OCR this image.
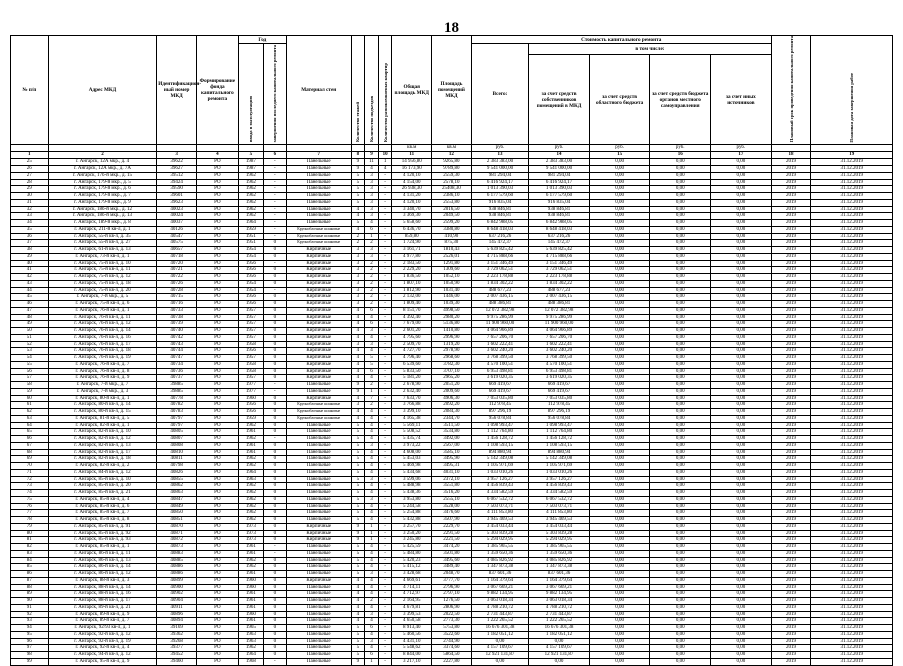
18
№ п/п	Адрес МКД	Идентификацион-ный номер МКД	Формирование фонда капитального ремонта	Год		Материал стен	Количество этажей	Количество подъездов	Количество разнокомнатных квартир	Общая площадь МКД	Площадь помещений МКД	Стоимость капитального ремонта					Плановый срок проведения капитального ремонта	Плановая дата завершения работ
				ввода в эксплуатацию	завершения последнего капитального ремонта							Всего:	в том числе:					
													за счет средств собственников помещений в МКД	за счет средств областного бюджета	за счет средств бюджета органов местного самоуправления	за счет иных источников		
										кв.м	кв.м	руб.	руб.	руб.	руб.	руб.		
1	2	3	4	5	6	7	8	9	10	11	12	13	14	15	16	17	18	19
25	г. Ангарск, 12А мкр., д. 4	39622	РО	1987	-	Панельные	9	11	1	14 956,80	9265,80	2 383 383,00	2 383 383,00	0,00	0,00	0,00	2019	31.12.2019
26	г. Ангарск, 12А мкр., д. 7А	39627	РО	1987	-	Панельные	9	4	4	16 173,90	9789,80	9 541 000,00	9 541 000,00	0,00	0,00	0,00	2019	31.12.2019
27	г. Ангарск, 17б-й мкр., д. 15	39512	РО	1962	-	Панельные	5	3	-	4 120,10	2559,30	981 294,04	981 294,04	0,00	0,00	0,00	2019	31.12.2019
28	г. Ангарск, 179-й мкр., д. 5	39424	РО	1962	-	Панельные	5	3	-	4 154,00	2578,10	6 416 924,17	6 416 924,17	0,00	0,00	0,00	2019	31.12.2019
29	г. Ангарск, 179-й мкр., д. 6	39590	РО	1962	-	Панельные	5	3	-	26 938,30	25408,30	1 013 390,03	1 013 390,03	0,00	0,00	0,00	2019	31.12.2019
30	г. Ангарск, 179-й мкр., д. 7	39601	РО	1962	-	Панельные	5	3	-	4 131,20	2386,10	6 177 579,60	6 177 579,60	0,00	0,00	0,00	2019	31.12.2019
31	г. Ангарск, 179-й мкр., д. 9	39623	РО	1962	-	Панельные	5	3	-	4 120,10	2553,80	916 835,04	916 835,04	0,00	0,00	0,00	2019	31.12.2019
32	г. Ангарск, 18б-й мкр., д. 12	40023	РО	1962	-	Панельные	4	3	-	3 340,70	2016,50	938 846,81	938 846,81	0,00	0,00	0,00	2019	31.12.2019
33	г. Ангарск, 18б-й мкр., д. 13	40024	РО	1962	-	Панельные	4	3	-	3 369,30	2049,50	938 846,81	938 846,81	0,00	0,00	0,00	2019	31.12.2019
34	г. Ангарск, 189-й мкр., д. 8	40037	РО	1964	-	Панельные	5	4	-	5 658,60	2599,20	6 842 988,05	6 842 988,05	0,00	0,00	0,00	2019	31.12.2019
35	г. Ангарск, 211-й кв-л, д. 1	40126	РО	1959	-	Крупноблочные шлаковые	4	6	-	6 436,70	3380,80	8 648 418,03	8 648 418,03	0,00	0,00	0,00	2019	31.12.2019
36	г. Ангарск, 55-й кв-л, д. 35	40547	РО	1951	-	Крупноблочные шлаковые	2	1	-	859,80	410,90	637 216,26	637 216,26	0,00	0,00	0,00	2019	31.12.2019
37	г. Ангарск, 55-й кв-л, д. 27	40575	РО	1951	0	Крупноблочные шлаковые	2	2	-	1 724,90	875,30	145 472,37	145 472,37	0,00	0,00	0,00	2019	31.12.2019
38	г. Ангарск, 61-й кв-л, д. 13	40657	РО	1954	0	Кирпичные	3	3	-	3 161,71	1810,43	5 639 825,42	5 639 825,42	0,00	0,00	0,00	2019	31.12.2019
39	г. Ангарск, 73-й кв-л, д. 1	40718	РО	1954	0	Кирпичные	3	3	-	4 977,80	2526,01	4 715 888,66	4 715 888,66	0,00	0,00	0,00	2019	31.12.2019
40	г. Ангарск, 75-й кв-л, д. 10	40720	РО	1956	-	Кирпичные	3	2	-	2 183,50	1291,80	3 151 346,49	3 151 346,49	0,00	0,00	0,00	2019	31.12.2019
41	г. Ангарск, 75-й кв-л, д. 11	40721	РО	1956	0	Кирпичные	3	2	-	2 229,20	1309,60	3 729 062,51	3 729 062,51	0,00	0,00	0,00	2019	31.12.2019
42	г. Ангарск, 75-й кв-л, д. 12	40722	РО	1956	0	Кирпичные	3	2	-	1 836,50	1052,10	2 223 178,88	2 223 178,88	0,00	0,00	0,00	2019	31.12.2019
43	г. Ангарск, 75-й кв-л, д. 18	40726	РО	1954	0	Кирпичные	3	2	-	1 807,10	1050,90	1 834 302,22	1 834 302,22	0,00	0,00	0,00	2019	31.12.2019
44	г. Ангарск, 75-й кв-л, д. 20	40728	РО	1954	-	Кирпичные	3	2	-	1 812,90	1031,40	488 677,23	488 677,23	0,00	0,00	0,00	2019	31.12.2019
45	г. Ангарск, 7-й мкр., д. 5	40715	РО	1956	0	Кирпичные	3	2	-	2 132,00	1446,00	2 007 436,15	2 007 436,15	0,00	0,00	0,00	2019	31.12.2019
46	г. Ангарск, 75-й кв-л, д. 6	40716	РО	1956	0	Кирпичные	3	2	-	1 809,40	1039,30	488 386,81	488 386,81	0,00	0,00	0,00	2019	31.12.2019
47	г. Ангарск, 76-й кв-л, д. 1	40733	РО	1957	0	Кирпичные	4	6	-	8 151,70	4998,50	12 072 382,98	12 072 382,98	0,00	0,00	0,00	2019	31.12.2019
48	г. Ангарск, 76-й кв-л, д. 11	40738	РО	1957	0	Кирпичные	4	4	-	4 392,40	2980,20	9 975 286,99	9 975 286,99	0,00	0,00	0,00	2019	31.12.2019
49	г. Ангарск, 76-й кв-л, д. 12	40739	РО	1957	0	Кирпичные	4	6	-	7 679,00	5136,80	11 900 960,00	11 900 960,00	0,00	0,00	0,00	2019	31.12.2019
50	г. Ангарск, 76-й кв-л, д. 14	40740	РО	1957	0	Кирпичные	4	3	-	2 601,20	1410,80	4 064 966,89	4 064 966,89	0,00	0,00	0,00	2019	31.12.2019
51	г. Ангарск, 76-й кв-л, д. 16	40742	РО	1957	0	Кирпичные	4	4	-	4 795,60	2996,90	7 657 206,70	7 657 206,70	0,00	0,00	0,00	2019	31.12.2019
52	г. Ангарск, 76-й кв-л, д. 17	40743	РО	1958	0	Кирпичные	3	3	-	2 509,70	1319,20	1 602 222,41	1 602 222,41	0,00	0,00	0,00	2019	31.12.2019
53	г. Ангарск, 76-й кв-л, д. 18	40744	РО	1956	0	Кирпичные	4	4	-	4 727,70	2978,90	3 602 240,20	3 602 240,20	0,00	0,00	0,00	2019	31.12.2019
54	г. Ангарск, 76-й кв-л, д. 19	40747	РО	1957	0	Кирпичные	4	5	-	4 796,40	2968,60	3 768 399,50	3 768 399,50	0,00	0,00	0,00	2019	31.12.2019
55	г. Ангарск, 76-й кв-л, д. 7	40734	РО	1958	0	Кирпичные	4	5	-	6 539,60	3782,30	4 570 100,51	4 570 100,51	0,00	0,00	0,00	2019	31.12.2019
56	г. Ангарск, 76-й кв-л, д. 8	40736	РО	1958	0	Кирпичные	4	6	-	5 833,50	3707,10	6 953 498,81	6 953 498,81	0,00	0,00	0,00	2019	31.12.2019
57	г. Ангарск, 76-й кв-л, д. 9	40737	РО	1957	0	Кирпичные	4	4	-	5 181,20	2965,20	3 619 020,35	3 619 020,35	0,00	0,00	0,00	2019	31.12.2019
58	г. Ангарск, 7-й мкр., д. 7	39885	РО	1977	-	Панельные	9	2	-	2 678,90	2051,20	669 419,67	669 419,67	0,00	0,00	0,00	2019	31.12.2019
59	г. Ангарск, 7-й мкр., д. 3	39885	РО	1977	-	Панельные	9	1	-	2 632,40	2009,60	669 419,67	669 419,67	0,00	0,00	0,00	2019	31.12.2019
60	г. Ангарск, 80-й кв-л, д. 1	40778	РО	1960	0	Кирпичные	4	7	-	7 633,70	4906,30	7 053 035,80	7 053 035,80	0,00	0,00	0,00	2019	31.12.2019
61	г. Ангарск, 80-й кв-л, д. 14	40782	РО	1956	0	Крупноблочные шлаковые	3	2	-	3 766,88	2092,20	112 978,45	112 978,45	0,00	0,00	0,00	2019	31.12.2019
62	г. Ангарск, 80-й кв-л, д. 15	40783	РО	1956	0	Крупноблочные шлаковые	4	4	-	3 399,10	2084,30	897 296,19	897 296,19	0,00	0,00	0,00	2019	31.12.2019
63	г. Ангарск, 81-й кв-л, д. 5	40797	РО	1959	0	Крупноблочные шлаковые	4	4	-	4 165,38	2344,70	956 078,84	956 078,84	0,00	0,00	0,00	2019	31.12.2019
64	г. Ангарск, 82-й кв-л, д. 1	40797	РО	1962	0	Панельные	5	4	-	5 569,11	3511,50	1 098 993,47	1 098 993,47	0,00	0,00	0,00	2019	31.12.2019
65	г. Ангарск, 82-й кв-л, д. 10	40805	РО	1961	0	Панельные	5	4	-	5 508,52	3534,80	1 112 764,80	1 112 764,80	0,00	0,00	0,00	2019	31.12.2019
66	г. Ангарск, 82-й кв-л, д. 12	40807	РО	1962	-	Панельные	5	4	-	5 435,74	3492,00	1 456 128,72	1 456 128,72	0,00	0,00	0,00	2019	31.12.2019
67	г. Ангарск, 82-й кв-л, д. 13	40808	РО	1961	0	Панельные	5	3	-	3 973,22	2567,00	1 108 593,15	1 108 593,15	0,00	0,00	0,00	2019	31.12.2019
68	г. Ангарск, 82-й кв-л, д. 17	40810	РО	1961	0	Панельные	5	4	-	4 608,00	3585,10	894 880,94	894 880,94	0,00	0,00	0,00	2019	31.12.2019
69	г. Ангарск, 82-й кв-л, д. 18	40811	РО	1962	0	Панельные	5	4	-	5 453,03	3495,90	5 142 349,08	5 142 349,08	0,00	0,00	0,00	2019	31.12.2019
70	г. Ангарск, 82-й кв-л, д. 2	40798	РО	1962	0	Панельные	5	4	-	5 469,98	3495,31	1 105 971,69	1 105 971,69	0,00	0,00	0,00	2019	31.12.2019
71	г. Ангарск, 84-й кв-л, д. 12	40826	РО	1964	0	Панельные	5	4	-	5 434,68	4031,10	1 033 010,26	1 033 010,26	0,00	0,00	0,00	2019	31.12.2019
72	г. Ангарск, 85-й кв-л, д. 10	40855	РО	1963	0	Панельные	5	3	-	3 599,06	2372,10	3 957 126,27	3 957 126,27	0,00	0,00	0,00	2019	31.12.2019
73	г. Ангарск, 85-й кв-л, д. 20	40862	РО	1962	0	Панельные	5	4	-	5 488,98	3551,80	4 456 839,43	4 456 839,43	0,00	0,00	0,00	2019	31.12.2019
74	г. Ангарск, 85-й кв-л, д. 21	40863	РО	1962	0	Панельные	5	4	-	5 438,36	3516,20	4 334 582,59	4 334 582,59	0,00	0,00	0,00	2019	31.12.2019
75	г. Ангарск, 85-й кв-л, д. 4	40847	РО	1962	0	Панельные	5	3	-	3 953,80	2555,10	6 067 532,72	6 067 532,72	0,00	0,00	0,00	2019	31.12.2019
76	г. Ангарск, 85-й кв-л, д. 6	40849	РО	1962	0	Панельные	5	4	-	5 244,58	3528,00	7 503 073,71	7 503 073,71	0,00	0,00	0,00	2019	31.12.2019
77	г. Ангарск, 85-й кв-л, д. 7	40850	РО	1962	0	Панельные	5	4	-	5 254,88	3476,60	4 111 853,80	4 111 853,80	0,00	0,00	0,00	2019	31.12.2019
78	г. Ангарск, 85-й кв-л, д. 8	40851	РО	1962	0	Панельные	5	4	-	5 432,88	3507,90	3 945 469,53	3 945 469,53	0,00	0,00	0,00	2019	31.12.2019
79	г. Ангарск, 85-й кв-л, д. 91	40870	РО	1973	0	Кирпичные	9	1	-	3 257,70	2229,70	3 454 033,44	3 454 033,44	0,00	0,00	0,00	2019	31.12.2019
80	г. Ангарск, 85-й кв-л, д. 92	40871	РО	1973	0	Кирпичные	9	1	-	3 250,20	2291,50	5 303 839,28	5 303 839,28	0,00	0,00	0,00	2019	31.12.2019
81	г. Ангарск, 85-й кв-л, д. 93	40872	РО	1973	0	Кирпичные	9	1	-	3 245,80	2221,50	5 294 029,95	5 294 029,95	0,00	0,00	0,00	2019	31.12.2019
82	г. Ангарск, 85-й кв-л, д. 1	40873	РО	1961	-	Панельные	5	4	-	5 425,59	3474,20	1 385 965,55	1 385 965,55	0,00	0,00	0,00	2019	31.12.2019
83	г. Ангарск, 86-й кв-л, д. 11	40883	РО	1961	-	Панельные	5	4	-	5 484,80	3501,80	1 359 650,36	1 359 650,36	0,00	0,00	0,00	2019	31.12.2019
84	г. Ангарск, 86-й кв-л, д. 13	40885	РО	1962	0	Панельные	5	4	-	5 420,23	3495,60	4 085 826,92	4 085 826,92	0,00	0,00	0,00	2019	31.12.2019
85	г. Ангарск, 86-й кв-л, д. 14	40886	РО	1962	0	Панельные	5	4	-	5 415,12	3489,40	1 347 873,38	1 347 873,38	0,00	0,00	0,00	2019	31.12.2019
86	г. Ангарск, 86-й кв-л, д. 12	40886	РО	1961	0	Панельные	5	3	-	3 428,68	2048,70	837 601,36	837 601,36	0,00	0,00	0,00	2019	31.12.2019
87	г. Ангарск, 88-й кв-л, д. 3	40899	РО	1960	0	Кирпичные	4	4	-	4 669,61	3777,70	1 164 379,64	1 164 379,64	0,00	0,00	0,00	2019	31.12.2019
88	г. Ангарск, 88-й кв-л, д. 14	40900	РО	1960	0	Панельные	4	4	-	4 714,11	2796,90	3 067 669,21	3 067 669,21	0,00	0,00	0,00	2019	31.12.2019
89	г. Ангарск, 88-й кв-л, д. 16	40902	РО	1961	0	Панельные	4	4	-	4 712,97	2797,10	9 882 134,95	9 882 134,95	0,00	0,00	0,00	2019	31.12.2019
90	г. Ангарск, 88-й кв-л, д. 17	40904	РО	1961	0	Панельные	4	2	-	2 164,95	1276,50	3 063 018,34	3 063 018,34	0,00	0,00	0,00	2019	31.12.2019
91	г. Ангарск, 89-й кв-л, д. 21	40911	РО	1961	0	Панельные	4	4	-	4 679,81	2806,90	4 788 210,72	4 788 210,72	0,00	0,00	0,00	2019	31.12.2019
92	г. Ангарск, 89-й кв-л, д. 9	40896	РО	1960	0	Панельные	4	3	-	3 399,53	2022,50	2 731 443,87	2 731 443,87	0,00	0,00	0,00	2019	31.12.2019
93	г. Ангарск, 89-й кв-л, д. 7	40894	РО	1961	0	Панельные	4	4	-	4 650,58	2773,30	1 222 265,52	1 222 265,52	0,00	0,00	0,00	2019	31.12.2019
94	г. Ангарск, 92/93 кв-л, д. 1	39169	РО	1965	0	Панельные	5	6	-	8 913,40	5753,80	16 676 301,38	16 676 301,38	0,00	0,00	0,00	2019	31.12.2019
95	г. Ангарск, 92-й кв-л, д. 12	39362	РО	1963	0	Панельные	5	4	-	5 460,56	3522,60	1 182 051,12	1 182 051,12	0,00	0,00	0,00	2019	31.12.2019
96	г. Ангарск, 92-й кв-л, д. 19	39268	РО	1963	0	Панельные	5	3	-	4 431,10	2744,90	0,00	0,00	0,00	0,00	0,00	2019	31.12.2019
97	г. Ангарск, 92-й кв-л, д. 4	39377	РО	1962	0	Панельные	5	4	-	5 548,62	3374,60	4 157 109,67	4 157 109,67	0,00	0,00	0,00	2019	31.12.2019
98	г. Ангарск, 94-й кв-л, д. 12	39452	РО	1964	0	Панельные	5	6	-	8 844,00	5864,50	12 921 131,87	12 921 131,87	0,00	0,00	0,00	2019	31.12.2019
99	г. Ангарск, 95-й кв-л, д. 9	39460	РО	1968	-	Панельные	9	1	-	3 217,10	2227,80	0,00	0,00	0,00	0,00	0,00	2019	31.12.2019
